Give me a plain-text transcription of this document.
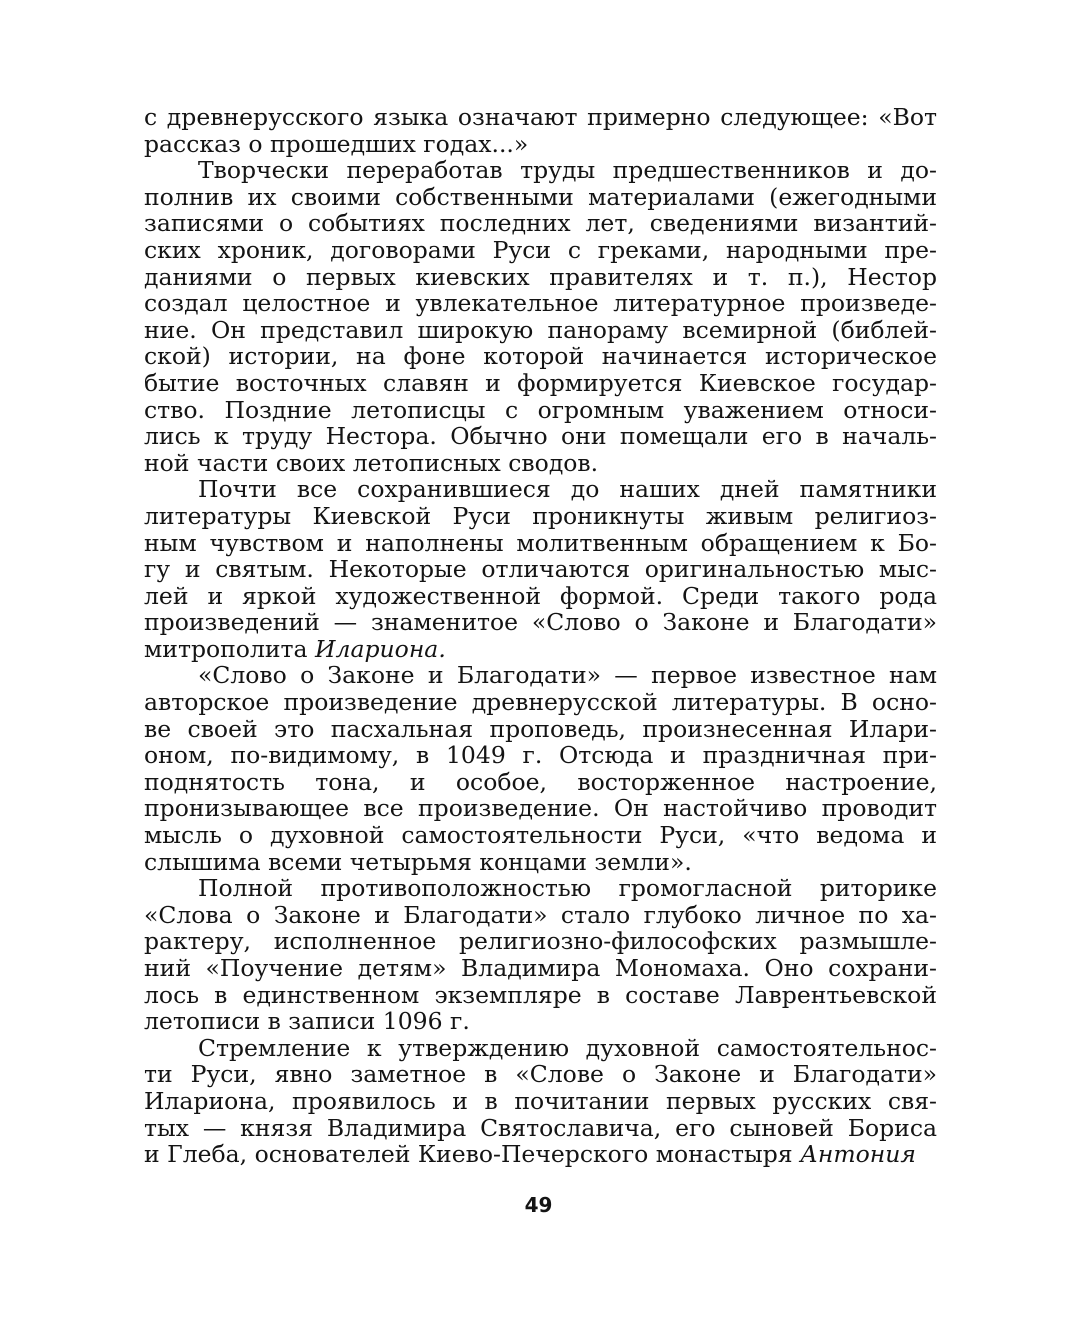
с древнерусского языка означают примерно следующее: «Вот
рассказ о прошедших годах...»
Творчески переработав труды предшественников и до-
полнив их своими собственными материалами (ежегодными
записями о событиях последних лет, сведениями византий-
ских хроник, договорами Руси с греками, народными пре-
даниями о первых киевских правителях и т. п.), Нестор
создал целостное и увлекательное литературное произведе-
ние. Он представил широкую панораму всемирной (библей-
ской) истории, на фоне которой начинается историческое
бытие восточных славян и формируется Киевское государ-
ство. Поздние летописцы с огромным уважением относи-
лись к труду Нестора. Обычно они помещали его в началь-
ной части своих летописных сводов.
Почти все сохранившиеся до наших дней памятники
литературы Киевской Руси проникнуты живым религиоз-
ным чувством и наполнены молитвенным обращением к Бо-
гу и святым. Некоторые отличаются оригинальностью мыс-
лей и яркой художественной формой. Среди такого рода
произведений — знаменитое «Слово о Законе и Благодати»
митрополита Илариона.
«Слово о Законе и Благодати» — первое известное нам
авторское произведение древнерусской литературы. В осно-
ве своей это пасхальная проповедь, произнесенная Илари-
оном, по-видимому, в 1049 г. Отсюда и праздничная при-
поднятость тона, и особое, восторженное настроение,
пронизывающее все произведение. Он настойчиво проводит
мысль о духовной самостоятельности Руси, «что ведома и
слышима всеми четырьмя концами земли».
Полной противоположностью громогласной риторике
«Слова о Законе и Благодати» стало глубоко личное по ха-
рактеру, исполненное религиозно-философских размышле-
ний «Поучение детям» Владимира Мономаха. Оно сохрани-
лось в единственном экземпляре в составе Лаврентьевской
летописи в записи 1096 г.
Стремление к утверждению духовной самостоятельнос-
ти Руси, явно заметное в «Слове о Законе и Благодати»
Илариона, проявилось и в почитании первых русских свя-
тых — князя Владимира Святославича, его сыновей Бориса
и Глеба, основателей Киево-Печерского монастыря Антония
49
